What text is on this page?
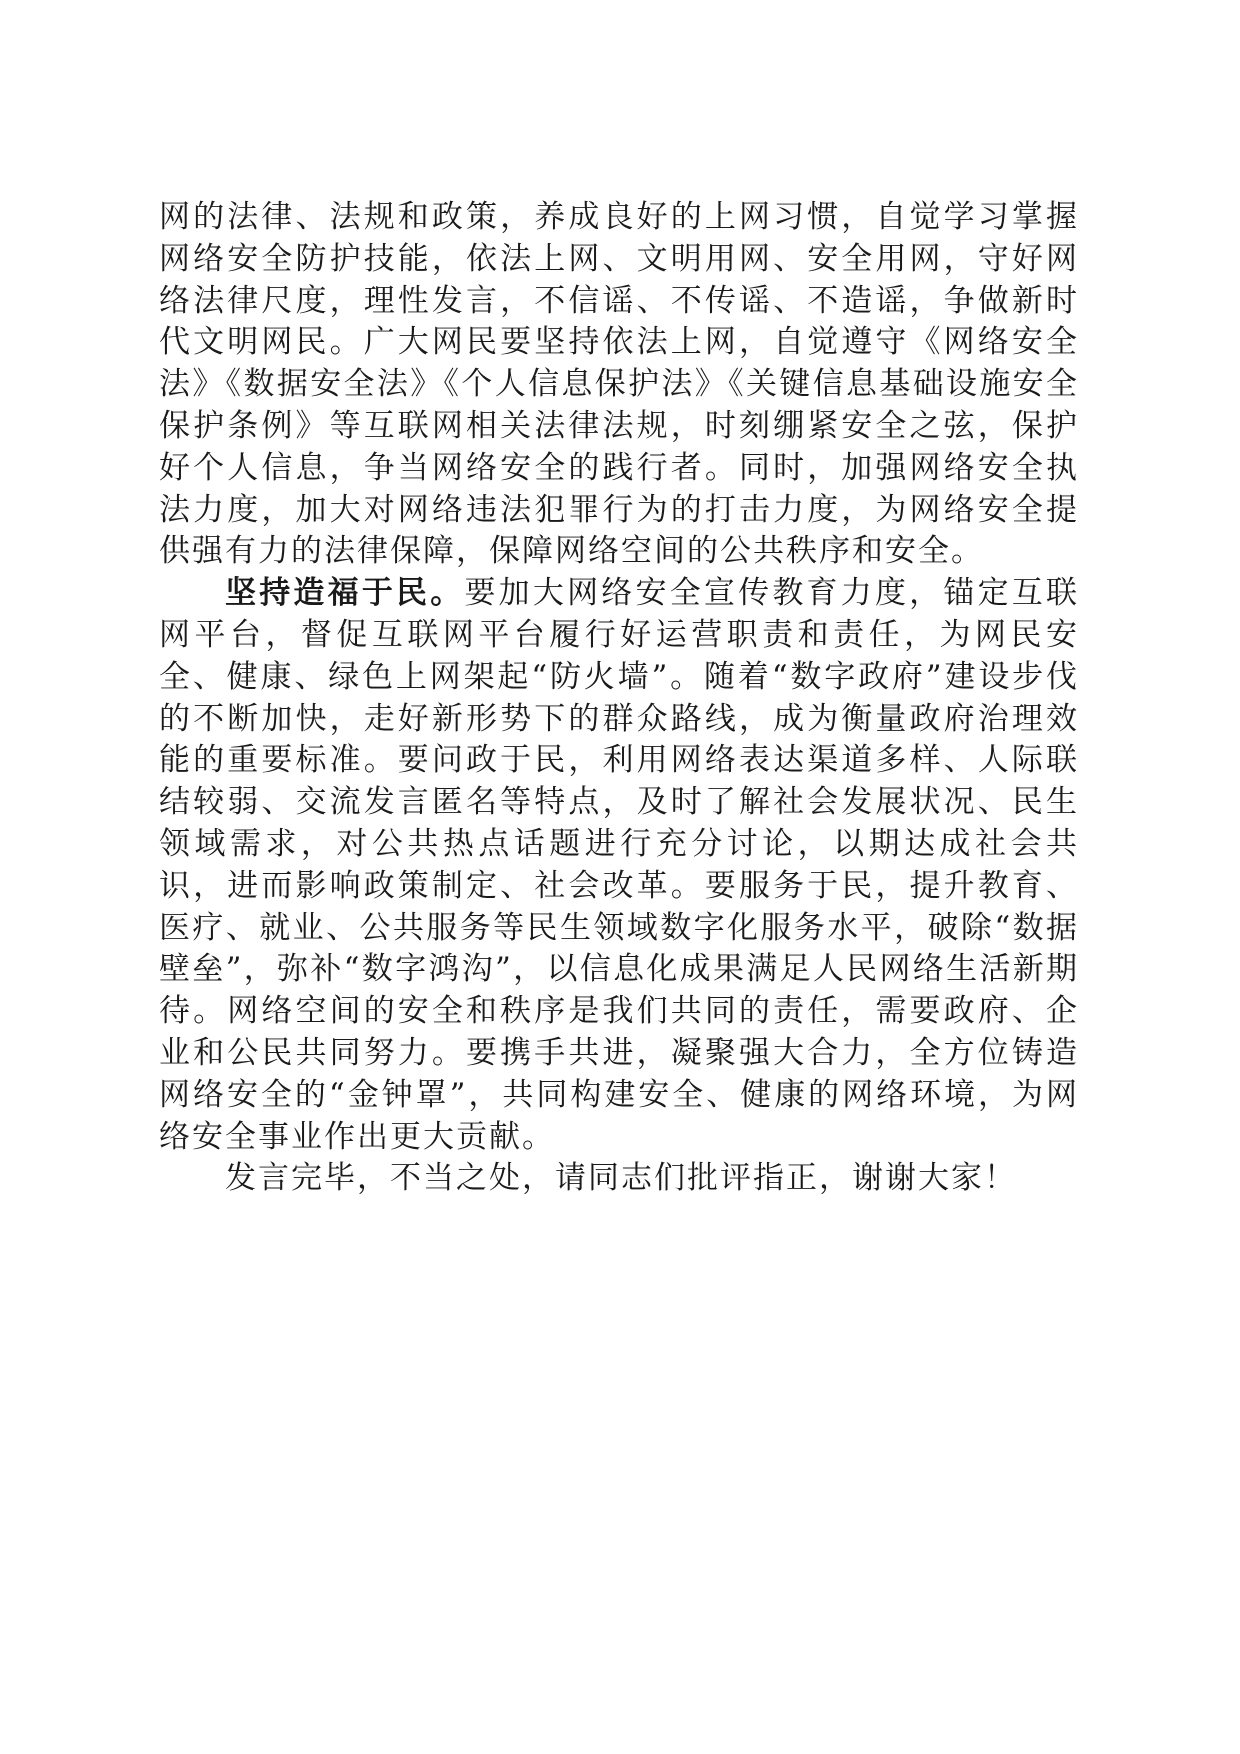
网的法律、法规和政策，养成良好的上网习惯，自觉学习掌握网络安全防护技能，依法上网、文明用网、安全用网，守好网络法律尺度，理性发言，不信谣、不传谣、不造谣，争做新时代文明网民。广大网民要坚持依法上网，自觉遵守《网络安全法》《数据安全法》《个人信息保护法》《关键信息基础设施安全保护条例》等互联网相关法律法规，时刻绷紧安全之弦，保护好个人信息，争当网络安全的践行者。同时，加强网络安全执法力度，加大对网络违法犯罪行为的打击力度，为网络安全提供强有力的法律保障，保障网络空间的公共秩序和安全。

坚持造福于民。要加大网络安全宣传教育力度，锚定互联网平台，督促互联网平台履行好运营职责和责任，为网民安全、健康、绿色上网架起“防火墙”。随着“数字政府”建设步伐的不断加快，走好新形势下的群众路线，成为衡量政府治理效能的重要标准。要问政于民，利用网络表达渠道多样、人际联结较弱、交流发言匿名等特点，及时了解社会发展状况、民生领域需求，对公共热点话题进行充分讨论，以期达成社会共识，进而影响政策制定、社会改革。要服务于民，提升教育、医疗、就业、公共服务等民生领域数字化服务水平，破除“数据壁垒”，弥补“数字鸿沟”，以信息化成果满足人民网络生活新期待。网络空间的安全和秩序是我们共同的责任，需要政府、企业和公民共同努力。要携手共进，凝聚强大合力，全方位铸造网络安全的“金钟罩”，共同构建安全、健康的网络环境，为网络安全事业作出更大贡献。

发言完毕，不当之处，请同志们批评指正，谢谢大家！
